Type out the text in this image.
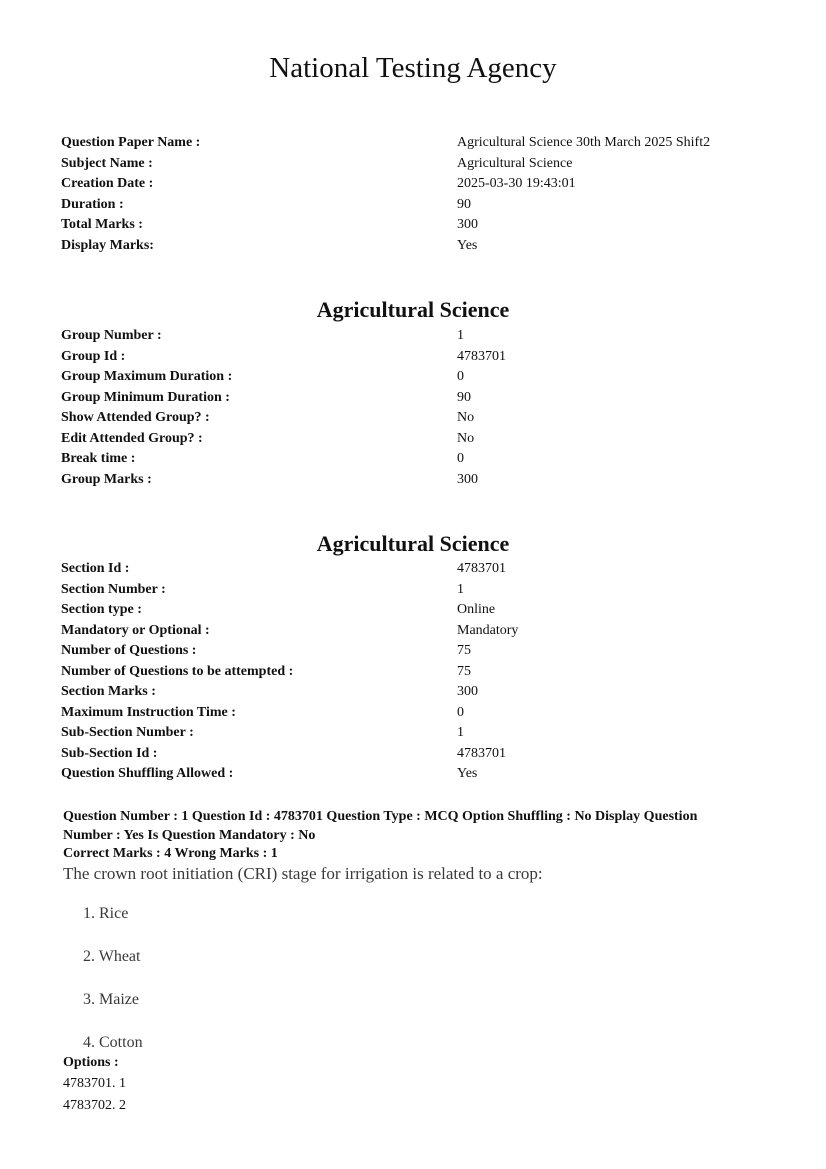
National Testing Agency
Question Paper Name :	Agricultural Science 30th March 2025 Shift2
Subject Name :	Agricultural Science
Creation Date :	2025-03-30 19:43:01
Duration :	90
Total Marks :	300
Display Marks:	Yes
Agricultural Science
Group Number :	1
Group Id :	4783701
Group Maximum Duration :	0
Group Minimum Duration :	90
Show Attended Group? :	No
Edit Attended Group? :	No
Break time :	0
Group Marks :	300
Agricultural Science
Section Id :	4783701
Section Number :	1
Section type :	Online
Mandatory or Optional :	Mandatory
Number of Questions :	75
Number of Questions to be attempted :	75
Section Marks :	300
Maximum Instruction Time :	0
Sub-Section Number :	1
Sub-Section Id :	4783701
Question Shuffling Allowed :	Yes
Question Number : 1 Question Id : 4783701 Question Type : MCQ Option Shuffling : No Display Question
Number : Yes Is Question Mandatory : No
Correct Marks : 4 Wrong Marks : 1
The crown root initiation (CRI) stage for irrigation is related to a crop:
1. Rice
2. Wheat
3. Maize
4. Cotton
Options :
4783701. 1
4783702. 2
